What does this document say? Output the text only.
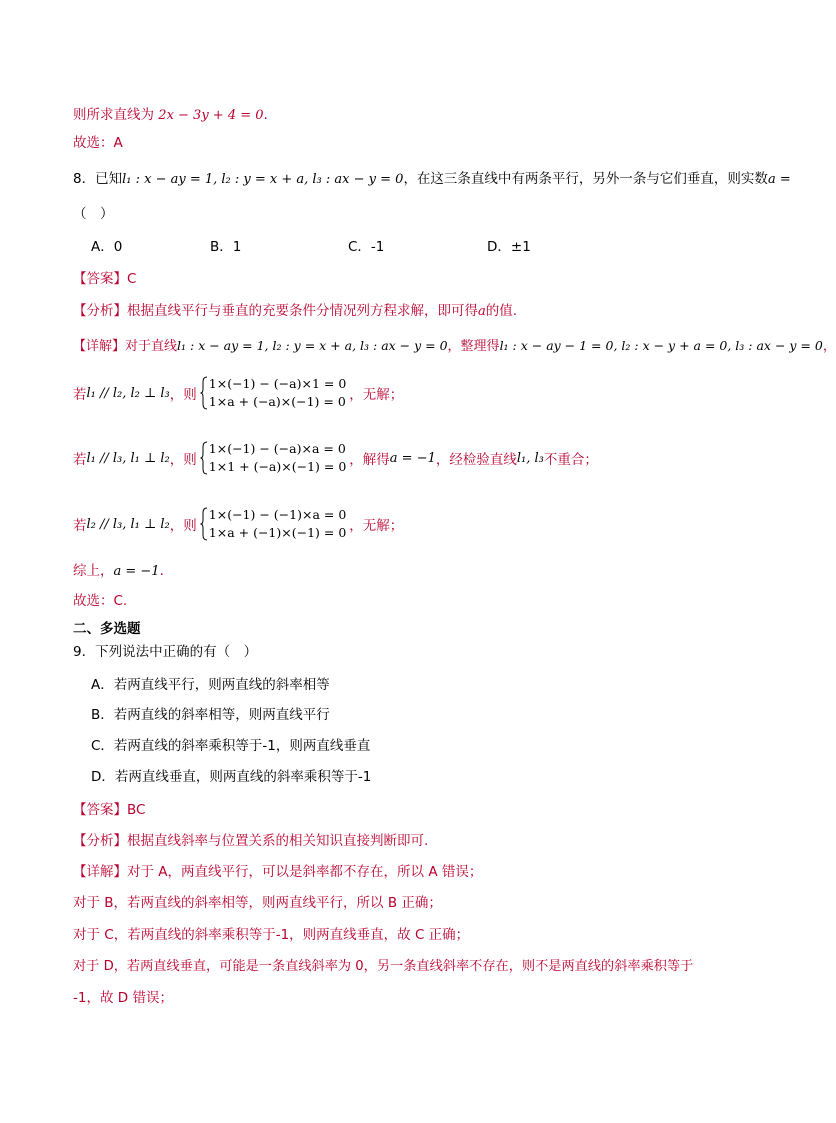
则所求直线为 2x − 3y + 4 = 0.
故选：A
8．已知l₁ : x − ay = 1, l₂ : y = x + a, l₃ : ax − y = 0，在这三条直线中有两条平行，另外一条与它们垂直，则实数a =
（　）
A．0	B．1	C．-1	D．±1
【答案】C
【分析】根据直线平行与垂直的充要条件分情况列方程求解，即可得a的值.
【详解】对于直线l₁ : x − ay = 1, l₂ : y = x + a, l₃ : ax − y = 0，整理得l₁ : x − ay − 1 = 0, l₂ : x − y + a = 0, l₃ : ax − y = 0，
若 l₁ // l₂, l₂ ⊥ l₃ ，则
1×(−1) − (−a)×1 = 0
1×a + (−a)×(−1) = 0 ，无解；
若 l₁ // l₃, l₁ ⊥ l₂ ，则
1×(−1) − (−a)×a = 0
1×1 + (−a)×(−1) = 0 ，解得 a = −1 ，经检验直线 l₁, l₃ 不重合；
若 l₂ // l₃, l₁ ⊥ l₂ ，则
1×(−1) − (−1)×a = 0
1×a + (−1)×(−1) = 0 ，无解；
综上，a = −1.
故选：C.
二、多选题
9．下列说法中正确的有（　）
A．若两直线平行，则两直线的斜率相等
B．若两直线的斜率相等，则两直线平行
C．若两直线的斜率乘积等于-1，则两直线垂直
D．若两直线垂直，则两直线的斜率乘积等于-1
【答案】BC
【分析】根据直线斜率与位置关系的相关知识直接判断即可.
【详解】对于 A，两直线平行，可以是斜率都不存在，所以 A 错误；
对于 B，若两直线的斜率相等，则两直线平行，所以 B 正确；
对于 C，若两直线的斜率乘积等于-1，则两直线垂直，故 C 正确；
对于 D，若两直线垂直，可能是一条直线斜率为 0，另一条直线斜率不存在，则不是两直线的斜率乘积等于
-1，故 D 错误；
